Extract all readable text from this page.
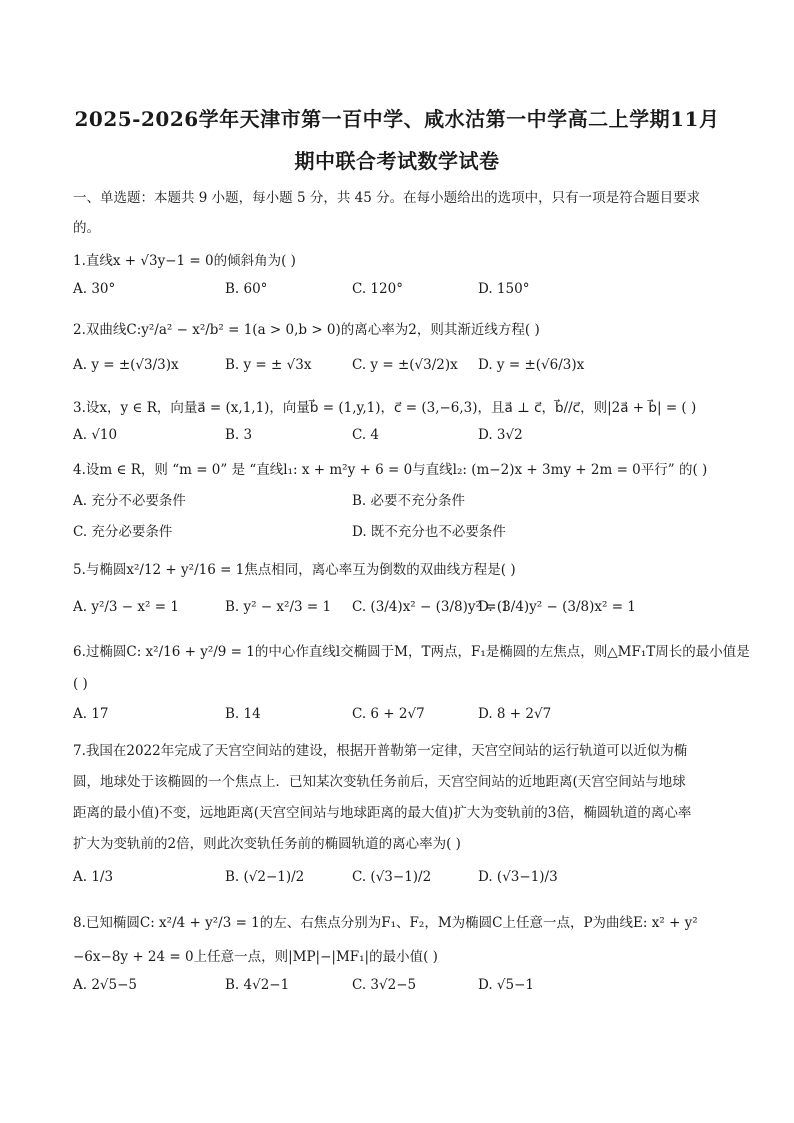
2025-2026学年天津市第一百中学、咸水沽第一中学高二上学期11月
期中联合考试数学试卷
一、单选题：本题共 9 小题，每小题 5 分，共 45 分。在每小题给出的选项中，只有一项是符合题目要求
的。
1.直线x + √3y−1 = 0的倾斜角为( )
A. 30°	B. 60°	C. 120°	D. 150°
2.双曲线C:y²/a² − x²/b² = 1(a > 0,b > 0)的离心率为2，则其渐近线方程( )
A. y = ±(√3/3)x	B. y = ± √3x	C. y = ±(√3/2)x D. y = ±(√6/3)x
3.设x，y ∈ R，向量a⃗ = (x,1,1)，向量b⃗ = (1,y,1)，c⃗ = (3,−6,3)，且a⃗ ⊥ c⃗，b⃗//c⃗，则|2a⃗ + b⃗| = ( )
A. √10	B. 3	C. 4	D. 3√2
4.设m ∈ R，则 “m = 0” 是 “直线l₁: x + m²y + 6 = 0与直线l₂: (m−2)x + 3my + 2m = 0平行” 的( )
A. 充分不必要条件	B. 必要不充分条件
C. 充分必要条件	D. 既不充分也不必要条件
5.与椭圆x²/12 + y²/16 = 1焦点相同，离心率互为倒数的双曲线方程是( )
A. y²/3 − x² = 1	B. y² − x²/3 = 1 C. (3/4)x² − (3/8)y² = 1
D. (3/4)y² − (3/8)x² = 1
6.过椭圆C: x²/16 + y²/9 = 1的中心作直线l交椭圆于M，T两点，F₁是椭圆的左焦点，则△MF₁T周长的最小值是
( )
A. 17	B. 14	C. 6 + 2√7	D. 8 + 2√7
7.我国在2022年完成了天宫空间站的建设，根据开普勒第一定律，天宫空间站的运行轨道可以近似为椭
圆，地球处于该椭圆的一个焦点上．已知某次变轨任务前后，天宫空间站的近地距离(天宫空间站与地球
距离的最小值)不变，远地距离(天宫空间站与地球距离的最大值)扩大为变轨前的3倍，椭圆轨道的离心率
扩大为变轨前的2倍，则此次变轨任务前的椭圆轨道的离心率为( )
A. 1/3	B. (√2−1)/2	C. (√3−1)/2	D. (√3−1)/3
8.已知椭圆C: x²/4 + y²/3 = 1的左、右焦点分别为F₁、F₂，M为椭圆C上任意一点，P为曲线E: x² + y²
−6x−8y + 24 = 0上任意一点，则|MP|−|MF₁|的最小值( )
A. 2√5−5	B. 4√2−1	C. 3√2−5	D. √5−1
